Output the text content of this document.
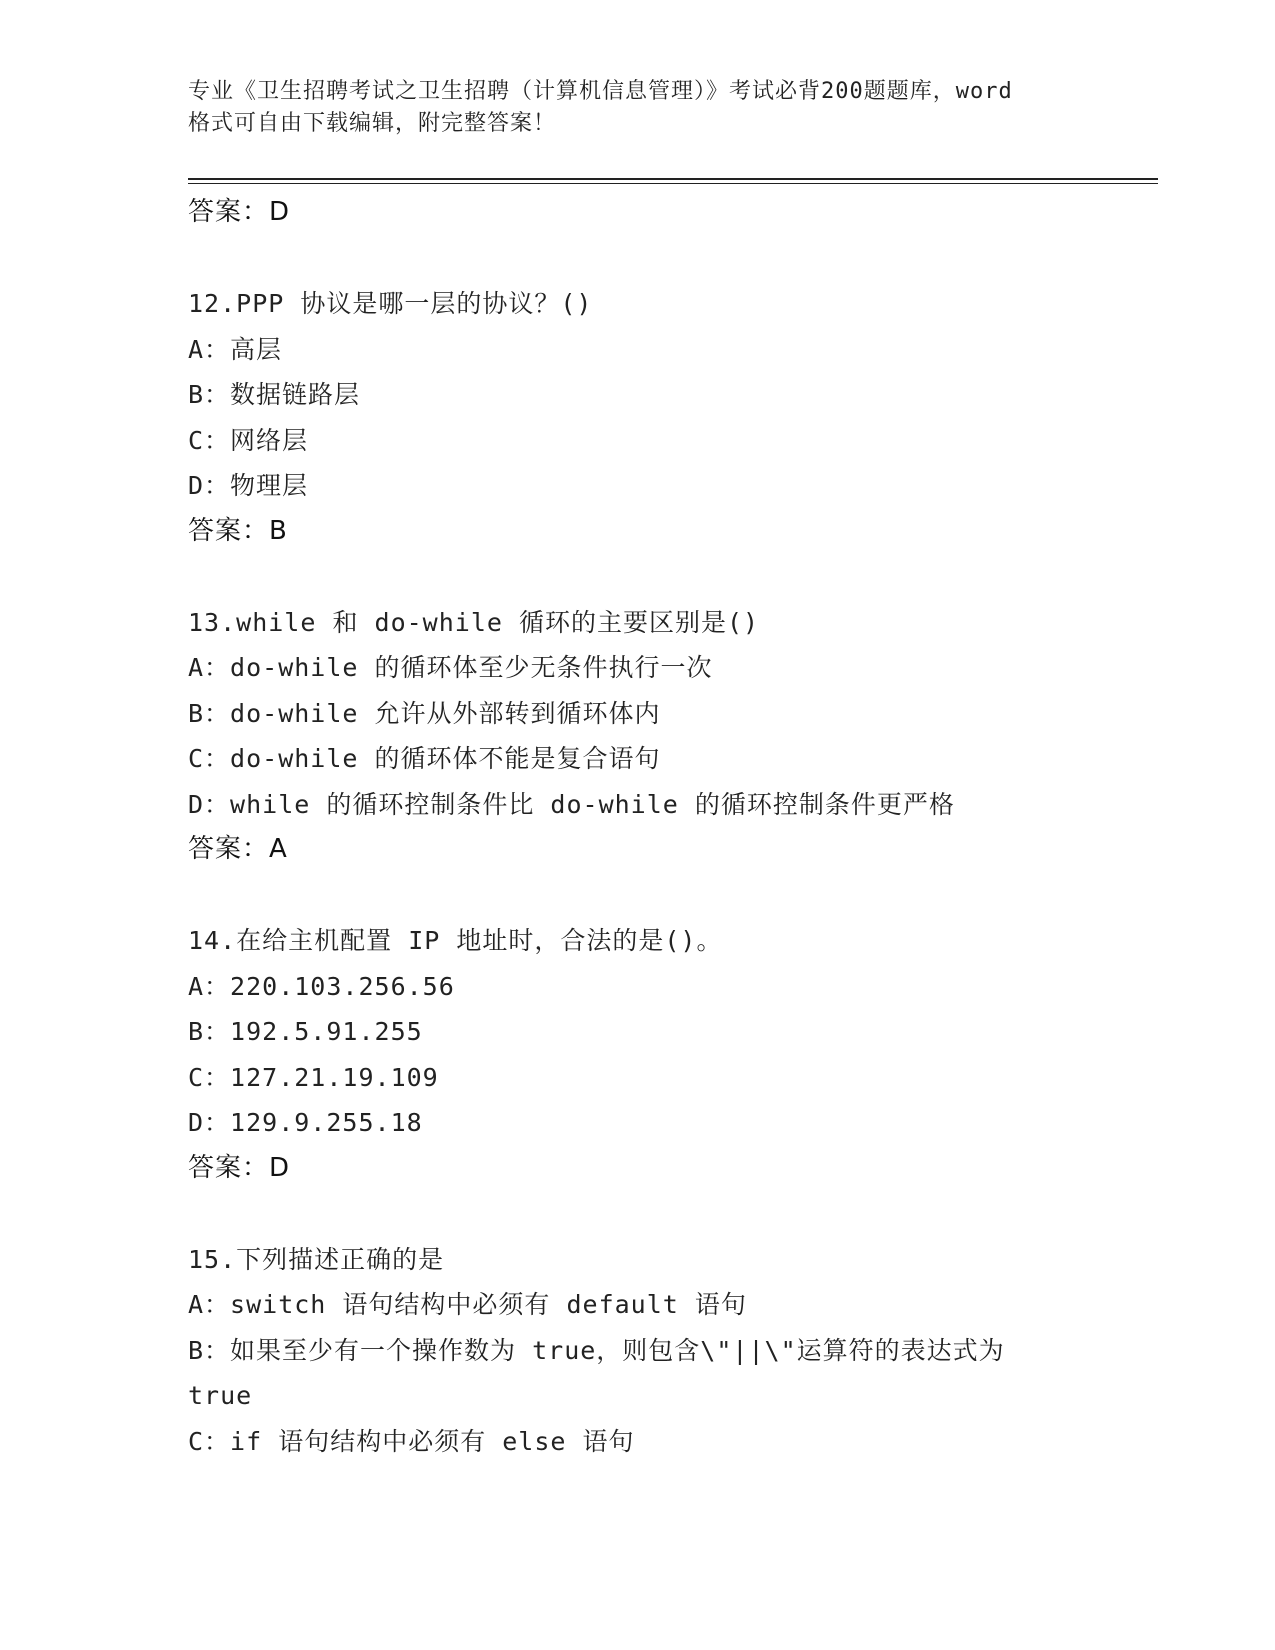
专业《卫生招聘考试之卫生招聘（计算机信息管理）》考试必背200题题库，word
格式可自由下载编辑，附完整答案！
答案：D
12.PPP 协议是哪一层的协议？()
A：高层
B：数据链路层
C：网络层
D：物理层
答案：B
13.while 和 do-while 循环的主要区别是()
A：do-while 的循环体至少无条件执行一次
B：do-while 允许从外部转到循环体内
C：do-while 的循环体不能是复合语句
D：while 的循环控制条件比 do-while 的循环控制条件更严格
答案：A
14.在给主机配置 IP 地址时，合法的是()。
A：220.103.256.56
B：192.5.91.255
C：127.21.19.109
D：129.9.255.18
答案：D
15.下列描述正确的是
A：switch 语句结构中必须有 default 语句
B：如果至少有一个操作数为 true，则包含\"||\"运算符的表达式为
true
C：if 语句结构中必须有 else 语句
